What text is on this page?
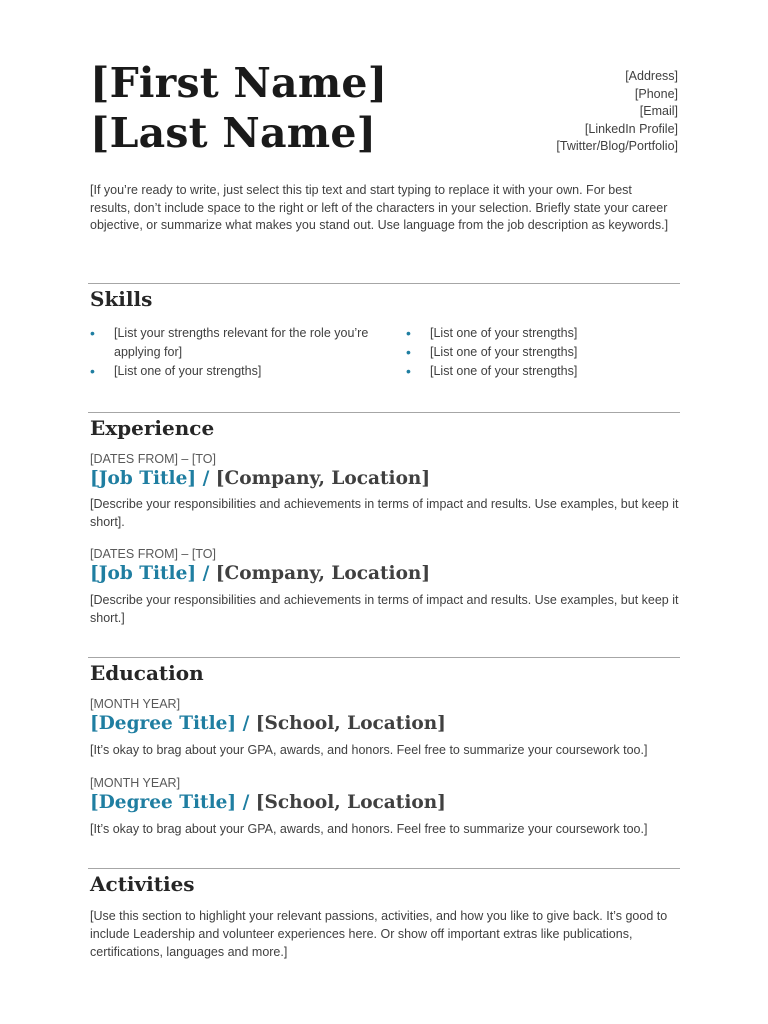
[First Name]
[Last Name]
[Address]
[Phone]
[Email]
[LinkedIn Profile]
[Twitter/Blog/Portfolio]
[If you’re ready to write, just select this tip text and start typing to replace it with your own. For best results, don’t include space to the right or left of the characters in your selection. Briefly state your career objective, or summarize what makes you stand out. Use language from the job description as keywords.]
Skills
• [List your strengths relevant for the role you’re applying for]
• [List one of your strengths]
• [List one of your strengths]
• [List one of your strengths]
• [List one of your strengths]
Experience
[DATES FROM] – [TO]
[Job Title] / [Company, Location]
[Describe your responsibilities and achievements in terms of impact and results. Use examples, but keep it short].
[DATES FROM] – [TO]
[Job Title] / [Company, Location]
[Describe your responsibilities and achievements in terms of impact and results. Use examples, but keep it short.]
Education
[MONTH YEAR]
[Degree Title] / [School, Location]
[It’s okay to brag about your GPA, awards, and honors. Feel free to summarize your coursework too.]
[MONTH YEAR]
[Degree Title] / [School, Location]
[It’s okay to brag about your GPA, awards, and honors. Feel free to summarize your coursework too.]
Activities
[Use this section to highlight your relevant passions, activities, and how you like to give back. It’s good to include Leadership and volunteer experiences here. Or show off important extras like publications, certifications, languages and more.]
